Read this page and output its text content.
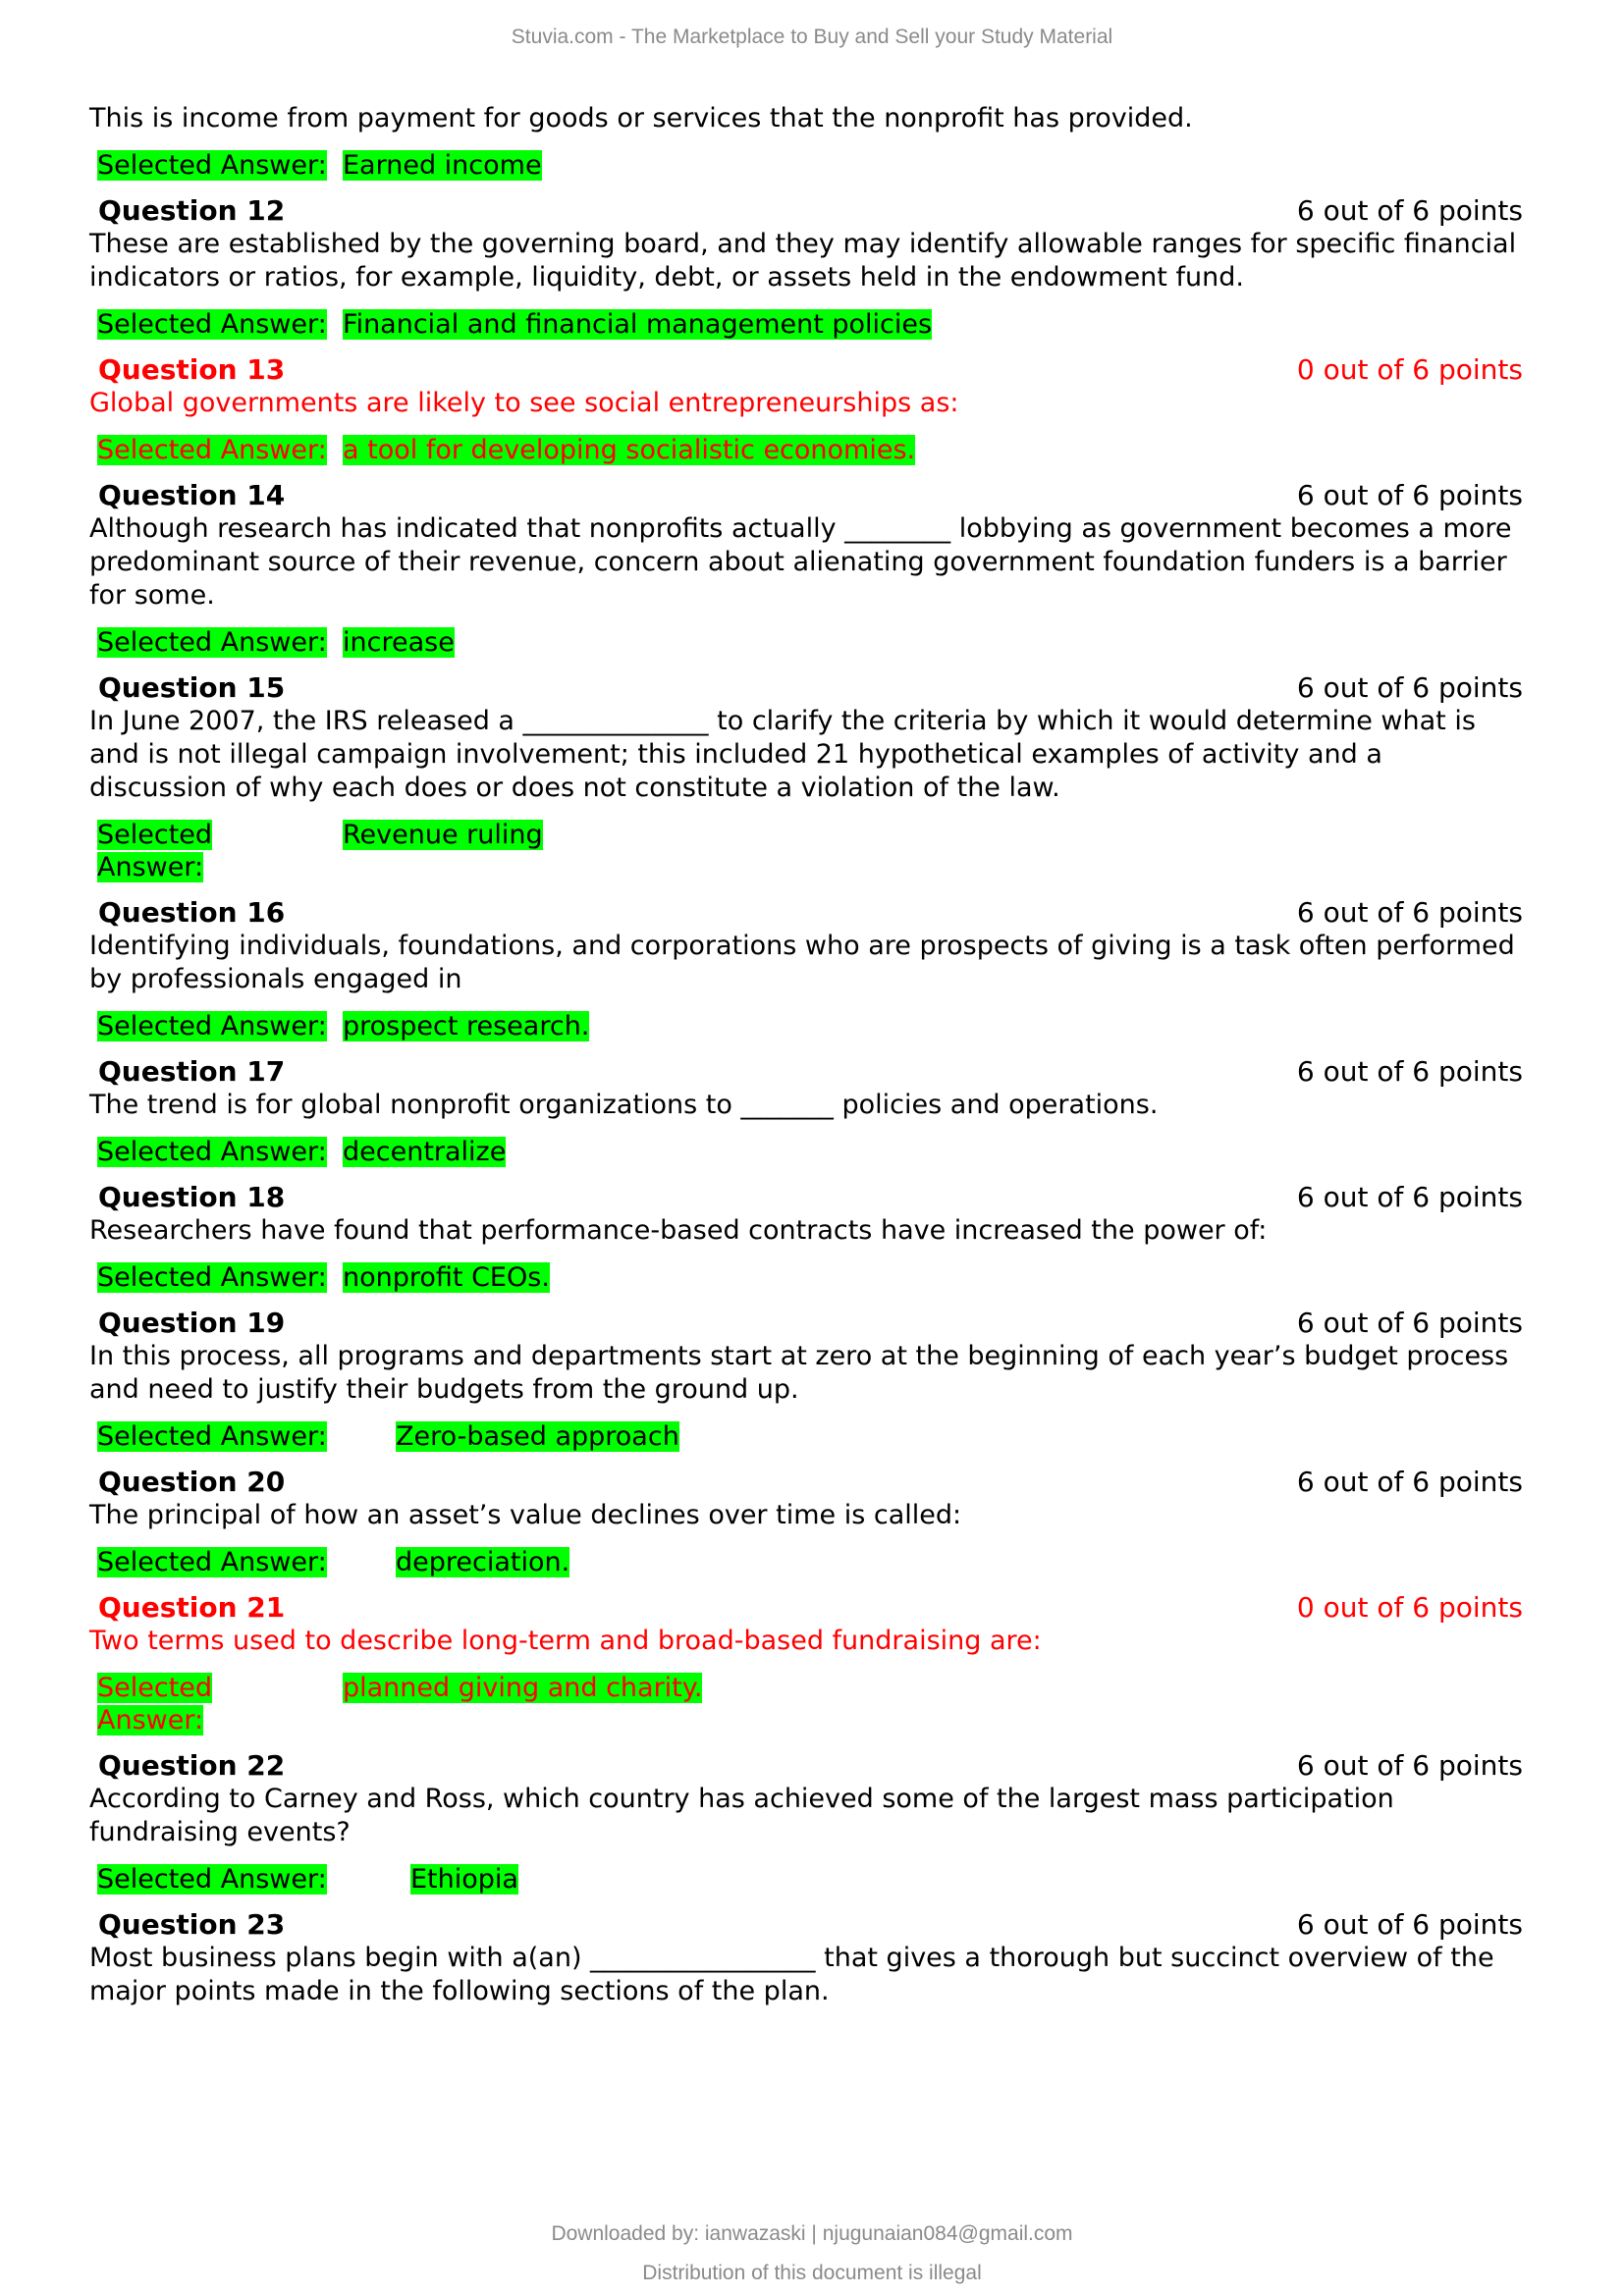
Stuvia.com - The Marketplace to Buy and Sell your Study Material

This is income from payment for goods or services that the nonprofit has provided.

Selected Answer: Earned income
Question 12	6 out of 6 points

These are established by the governing board, and they may identify allowable ranges for specific financial indicators or ratios, for example, liquidity, debt, or assets held in the endowment fund.

Selected Answer: Financial and financial management policies
Question 13	0 out of 6 points

Global governments are likely to see social entrepreneurships as:

Selected Answer: a tool for developing socialistic economies.
Question 14	6 out of 6 points

Although research has indicated that nonprofits actually ________ lobbying as government becomes a more predominant source of their revenue, concern about alienating government foundation funders is a barrier for some.

Selected Answer: increase
Question 15	6 out of 6 points

In June 2007, the IRS released a ______________ to clarify the criteria by which it would determine what is and is not illegal campaign involvement; this included 21 hypothetical examples of activity and a discussion of why each does or does not constitute a violation of the law.

Selected Answer:
Revenue ruling
Question 16	6 out of 6 points

Identifying individuals, foundations, and corporations who are prospects of giving is a task often performed by professionals engaged in

Selected Answer: prospect research.
Question 17	6 out of 6 points

The trend is for global nonprofit organizations to _______ policies and operations.

Selected Answer: decentralize
Question 18	6 out of 6 points

Researchers have found that performance-based contracts have increased the power of:

Selected Answer: nonprofit CEOs.
Question 19	6 out of 6 points

In this process, all programs and departments start at zero at the beginning of each year’s budget process and need to justify their budgets from the ground up.

Selected Answer:	Zero-based approach
Question 20	6 out of 6 points

The principal of how an asset’s value declines over time is called:

Selected Answer:	depreciation.
Question 21	0 out of 6 points

Two terms used to describe long-term and broad-based fundraising are:

Selected Answer:
planned giving and charity.
Question 22	6 out of 6 points

According to Carney and Ross, which country has achieved some of the largest mass participation fundraising events?

Selected Answer:	Ethiopia
Question 23	6 out of 6 points

Most business plans begin with a(an) _________________ that gives a thorough but succinct overview of the major points made in the following sections of the plan.

Downloaded by: ianwazaski | njugunaian084@gmail.com
Distribution of this document is illegal
